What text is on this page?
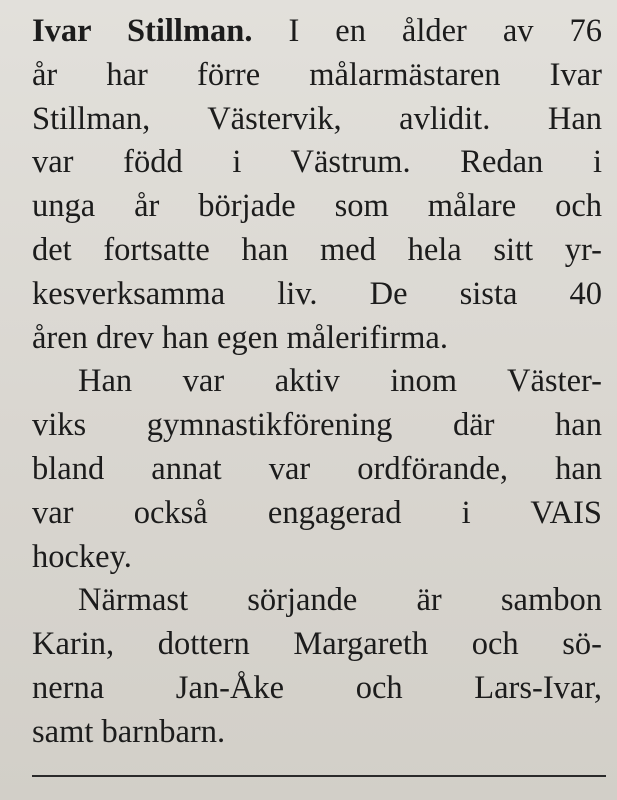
Ivar Stillman. I en ålder av 76
år har förre målarmästaren Ivar
Stillman, Västervik, avlidit. Han
var född i Västrum. Redan i
unga år började som målare och
det fortsatte han med hela sitt yr-
kesverksamma liv. De sista 40
åren drev han egen målerifirma.
Han var aktiv inom Väster-
viks gymnastikförening där han
bland annat var ordförande, han
var också engagerad i VAIS
hockey.
Närmast sörjande är sambon
Karin, dottern Margareth och sö-
nerna Jan-Åke och Lars-Ivar,
samt barnbarn.
